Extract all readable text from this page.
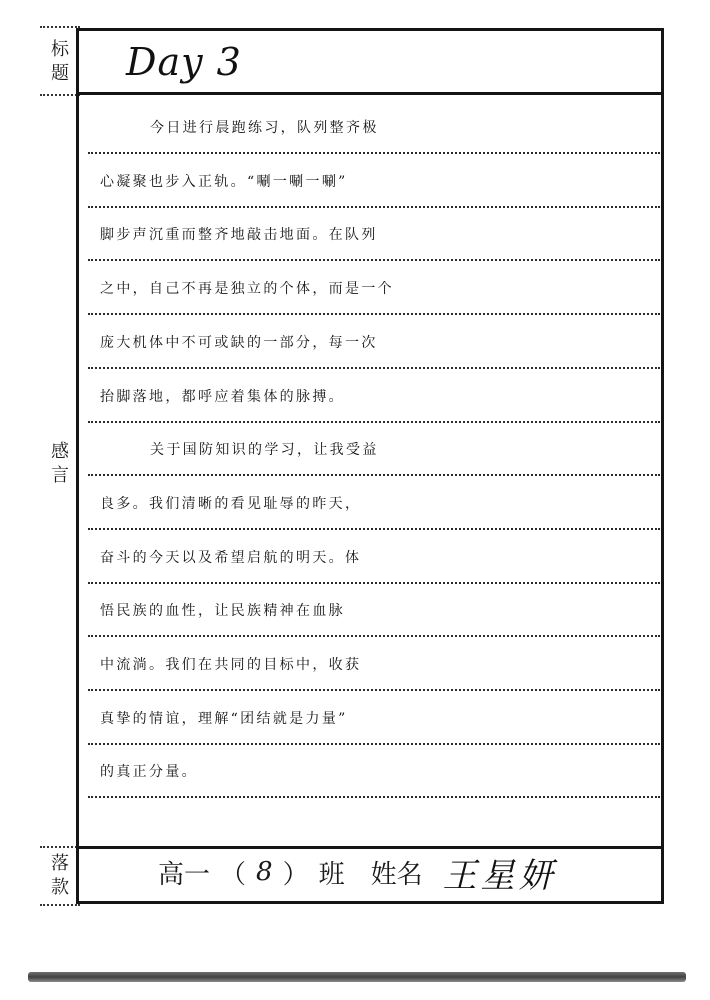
标
题
感
言
落
款
Day 3
今日进行晨跑练习，队列整齐极
心凝聚也步入正轨。“唰一唰一唰”
脚步声沉重而整齐地敲击地面。在队列
之中，自己不再是独立的个体，而是一个
庞大机体中不可或缺的一部分，每一次
抬脚落地，都呼应着集体的脉搏。
关于国防知识的学习，让我受益
良多。我们清晰的看见耻辱的昨天，
奋斗的今天以及希望启航的明天。体
悟民族的血性，让民族精神在血脉
中流淌。我们在共同的目标中，收获
真挚的情谊，理解“团结就是力量”
的真正分量。
高一 （ 8 ） 班 姓名 王星妍
